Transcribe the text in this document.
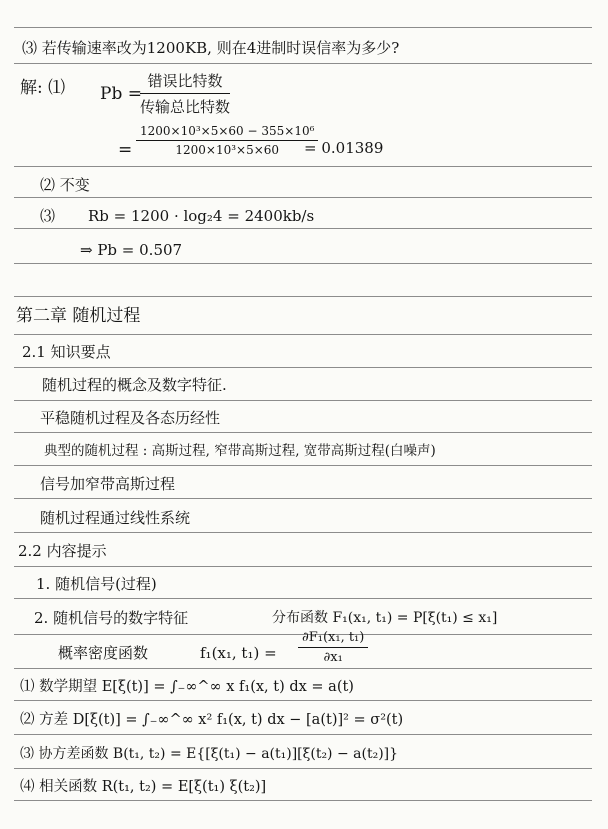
⑶ 若传输速率改为1200KB, 则在4进制时误信率为多少?
解: ⑴ Pb =
错误比特数
传输总比特数
= $\frac{\text{1200×10³×5×60 − 355×10⁶}}{\text{1200×10³×5×60}}$
= 0.01389
⑵ 不变
⑶ Rb = 1200 · log₂4 = 2400kb/s
⇒ Pb = 0.507
第二章 随机过程
2.1 知识要点
随机过程的概念及数字特征.
平稳随机过程及各态历经性
典型的随机过程 : 高斯过程, 窄带高斯过程, 宽带高斯过程(白噪声)
信号加窄带高斯过程
随机过程通过线性系统
2.2 内容提示
1. 随机信号(过程)
2. 随机信号的数字特征	分布函数 F₁(x₁, t₁) = P[ξ(t₁) ≤ x₁]
概率密度函数	f₁(x₁, $t_1) = \frac{\text{∂F₁(x₁, t₁)}}{\text{∂x₁}}$
⑴ 数学期望 E[ξ(t)] = ∫₋∞^∞ x f₁(x, t) dx = a(t)
⑵ 方差 D[ξ(t)] = ∫₋∞^∞ x² f₁(x, t) dx − [a(t)]² = σ²(t)
⑶ 协方差函数 B(t₁, t₂) = E{[ξ(t₁) − a(t₁)][ξ(t₂) − a(t₂)]}
⑷ 相关函数 R(t₁, t₂) = E[ξ(t₁) ξ(t₂)]
